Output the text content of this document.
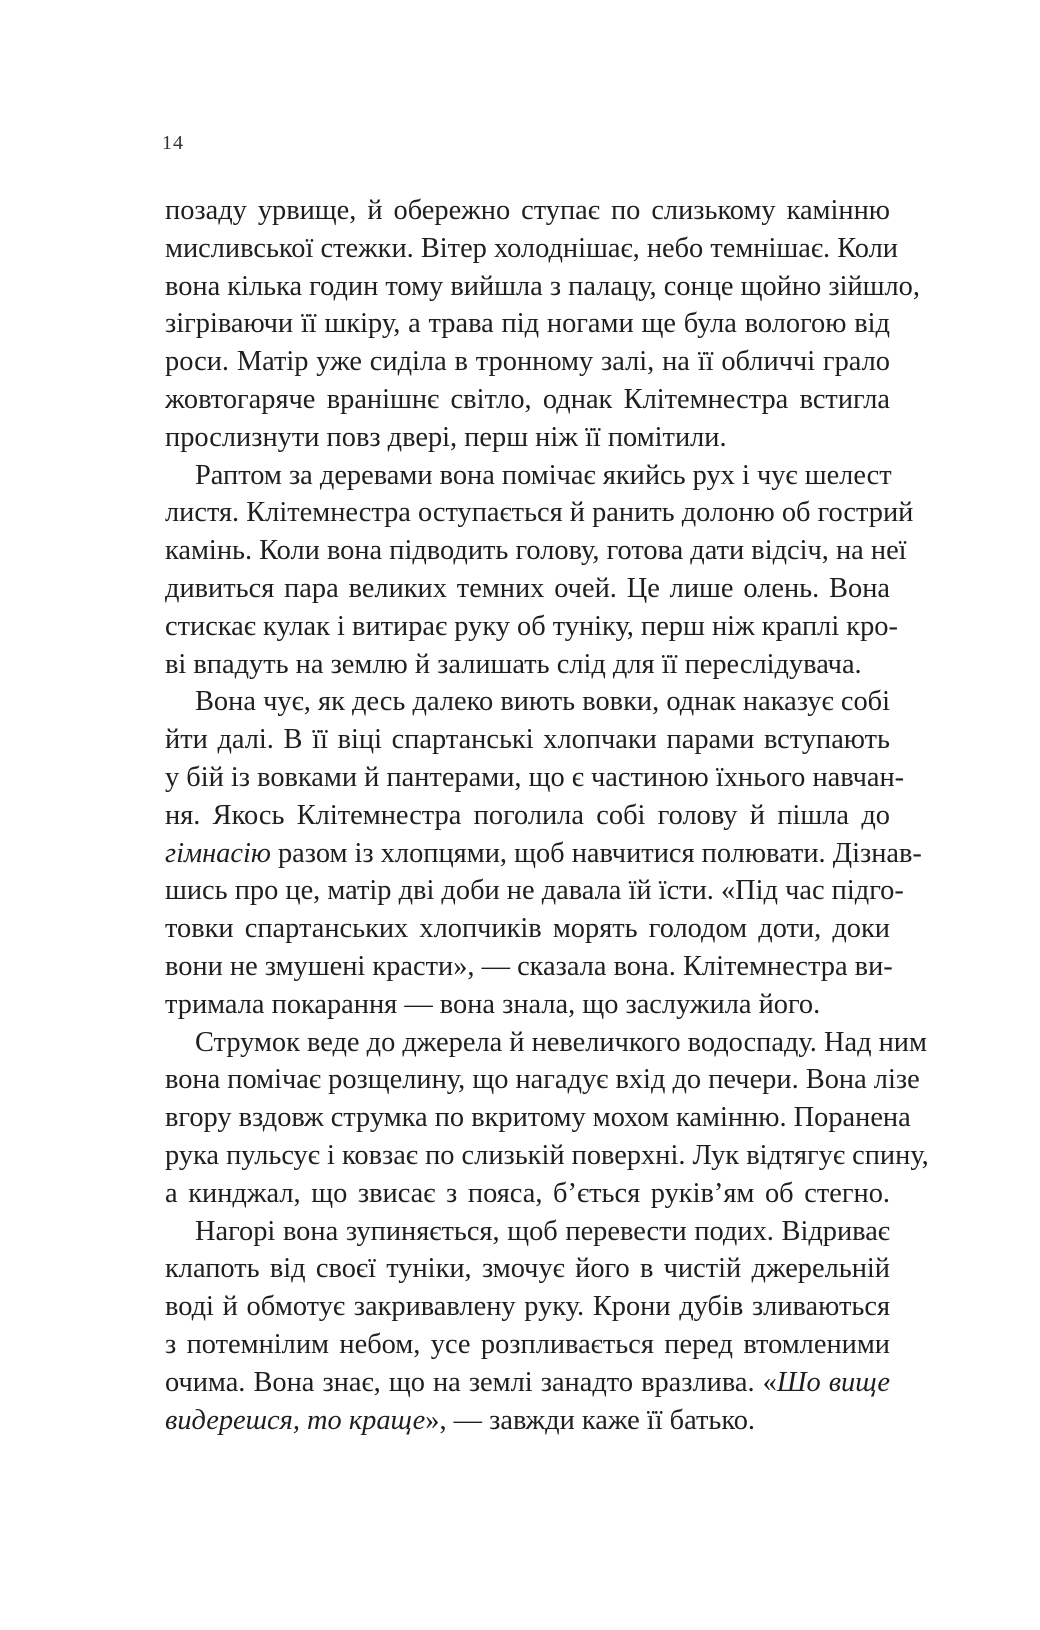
14

позаду урвище, й обережно ступає по слизькому камінню
мисливської стежки. Вітер холоднішає, небо темнішає. Коли
вона кілька годин тому вийшла з палацу, сонце щойно зійшло,
зігріваючи її шкіру, а трава під ногами ще була вологою від
роси. Матір уже сиділа в тронному залі, на її обличчі грало
жовтогаряче вранішнє світло, однак Клітемнестра встигла
прослизнути повз двері, перш ніж її помітили.

Раптом за деревами вона помічає якийсь рух і чує шелест
листя. Клітемнестра оступається й ранить долоню об гострий
камінь. Коли вона підводить голову, готова дати відсіч, на неї
дивиться пара великих темних очей. Це лише олень. Вона
стискає кулак і витирає руку об туніку, перш ніж краплі кро-
ві впадуть на землю й залишать слід для її переслідувача.

Вона чує, як десь далеко виють вовки, однак наказує собі
йти далі. В її віці спартанські хлопчаки парами вступають
у бій із вовками й пантерами, що є частиною їхнього навчан-
ня. Якось Клітемнестра поголила собі голову й пішла до
гімнасію разом із хлопцями, щоб навчитися полювати. Дізнав-
шись про це, матір дві доби не давала їй їсти. «Під час підго-
товки спартанських хлопчиків морять голодом доти, доки
вони не змушені красти», — сказала вона. Клітемнестра ви-
тримала покарання — вона знала, що заслужила його.

Струмок веде до джерела й невеличкого водоспаду. Над ним
вона помічає розщелину, що нагадує вхід до печери. Вона лізе
вгору вздовж струмка по вкритому мохом камінню. Поранена
рука пульсує і ковзає по слизькій поверхні. Лук відтягує спину,
а кинджал, що звисає з пояса, б’ється руків’ям об стегно.

Нагорі вона зупиняється, щоб перевести подих. Відриває
клапоть від своєї туніки, змочує його в чистій джерельній
воді й обмотує закривавлену руку. Крони дубів зливаються
з потемнілим небом, усе розпливається перед втомленими
очима. Вона знає, що на землі занадто вразлива. «Шо вище
видерешся, то краще», — завжди каже її батько.
